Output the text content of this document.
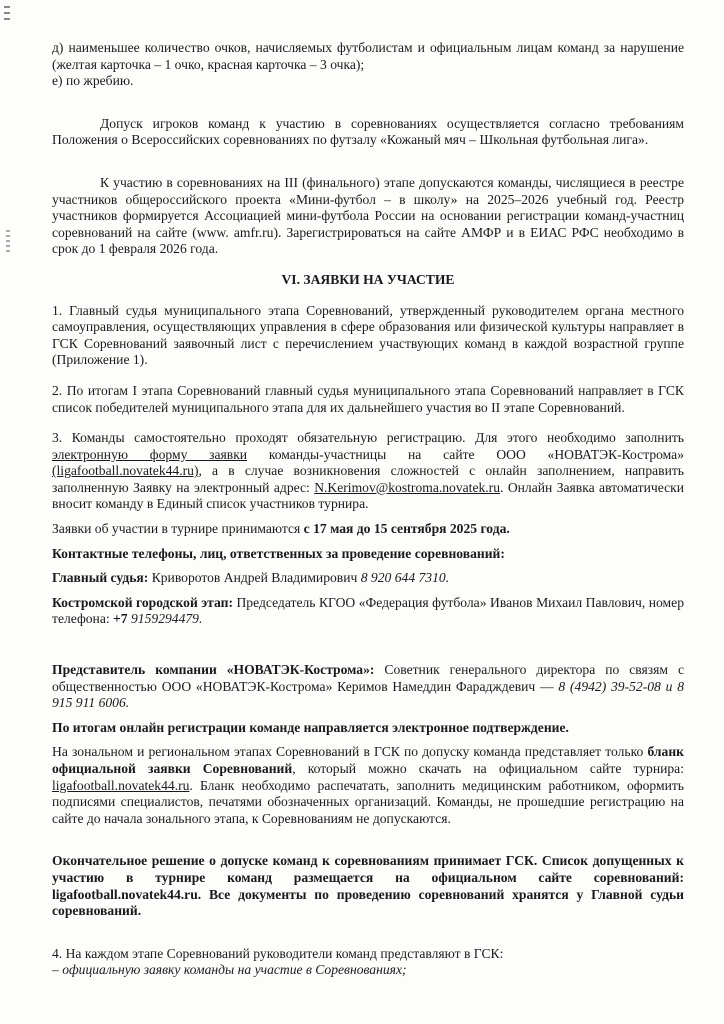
д) наименьшее количество очков, начисляемых футболистам и официальным лицам команд за нарушение (желтая карточка – 1 очко, красная карточка – 3 очка);

е) по жребию.

Допуск игроков команд к участию в соревнованиях осуществляется согласно требованиям Положения о Всероссийских соревнованиях по футзалу «Кожаный мяч – Школьная футбольная лига».

К участию в соревнованиях на III (финального) этапе допускаются команды, числящиеся в реестре участников общероссийского проекта «Мини-футбол – в школу» на 2025–2026 учебный год. Реестр участников формируется Ассоциацией мини-футбола России на основании регистрации команд-участниц соревнований на сайте (www. amfr.ru). Зарегистрироваться на сайте АМФР и в ЕИАС РФС необходимо в срок до 1 февраля 2026 года.

VI. ЗАЯВКИ НА УЧАСТИЕ

1. Главный судья муниципального этапа Соревнований, утвержденный руководителем органа местного самоуправления, осуществляющих управления в сфере образования или физической культуры направляет в ГСК Соревнований заявочный лист с перечислением участвующих команд в каждой возрастной группе (Приложение 1).

2. По итогам I этапа Соревнований главный судья муниципального этапа Соревнований направляет в ГСК список победителей муниципального этапа для их дальнейшего участия во II этапе Соревнований.

3. Команды самостоятельно проходят обязательную регистрацию. Для этого необходимо заполнить электронную форму заявки команды-участницы на сайте ООО «НОВАТЭК-Кострома» (ligafootball.novatek44.ru), а в случае возникновения сложностей с онлайн заполнением, направить заполненную Заявку на электронный адрес: N.Kerimov@kostroma.novatek.ru. Онлайн Заявка автоматически вносит команду в Единый список участников турнира.

Заявки об участии в турнире принимаются с 17 мая до 15 сентября 2025 года.

Контактные телефоны, лиц, ответственных за проведение соревнований:

Главный судья: Криворотов Андрей Владимирович 8 920 644 7310.

Костромской городской этап: Председатель КГОО «Федерация футбола» Иванов Михаил Павлович, номер телефона: +7 9159294479.

Представитель компании «НОВАТЭК-Кострома»: Советник генерального директора по связям с общественностью ООО «НОВАТЭК-Кострома» Керимов Намеддин Фарадждевич — 8 (4942) 39-52-08 и 8 915 911 6006.

По итогам онлайн регистрации команде направляется электронное подтверждение.

На зональном и региональном этапах Соревнований в ГСК по допуску команда представляет только бланк официальной заявки Соревнований, который можно скачать на официальном сайте турнира: ligafootball.novatek44.ru. Бланк необходимо распечатать, заполнить медицинским работником, оформить подписями специалистов, печатями обозначенных организаций. Команды, не прошедшие регистрацию на сайте до начала зонального этапа, к Соревнованиям не допускаются.

Окончательное решение о допуске команд к соревнованиям принимает ГСК. Список допущенных к участию в турнире команд размещается на официальном сайте соревнований: ligafootball.novatek44.ru. Все документы по проведению соревнований хранятся у Главной судьи соревнований.

4. На каждом этапе Соревнований руководители команд представляют в ГСК:

– официальную заявку команды на участие в Соревнованиях;
